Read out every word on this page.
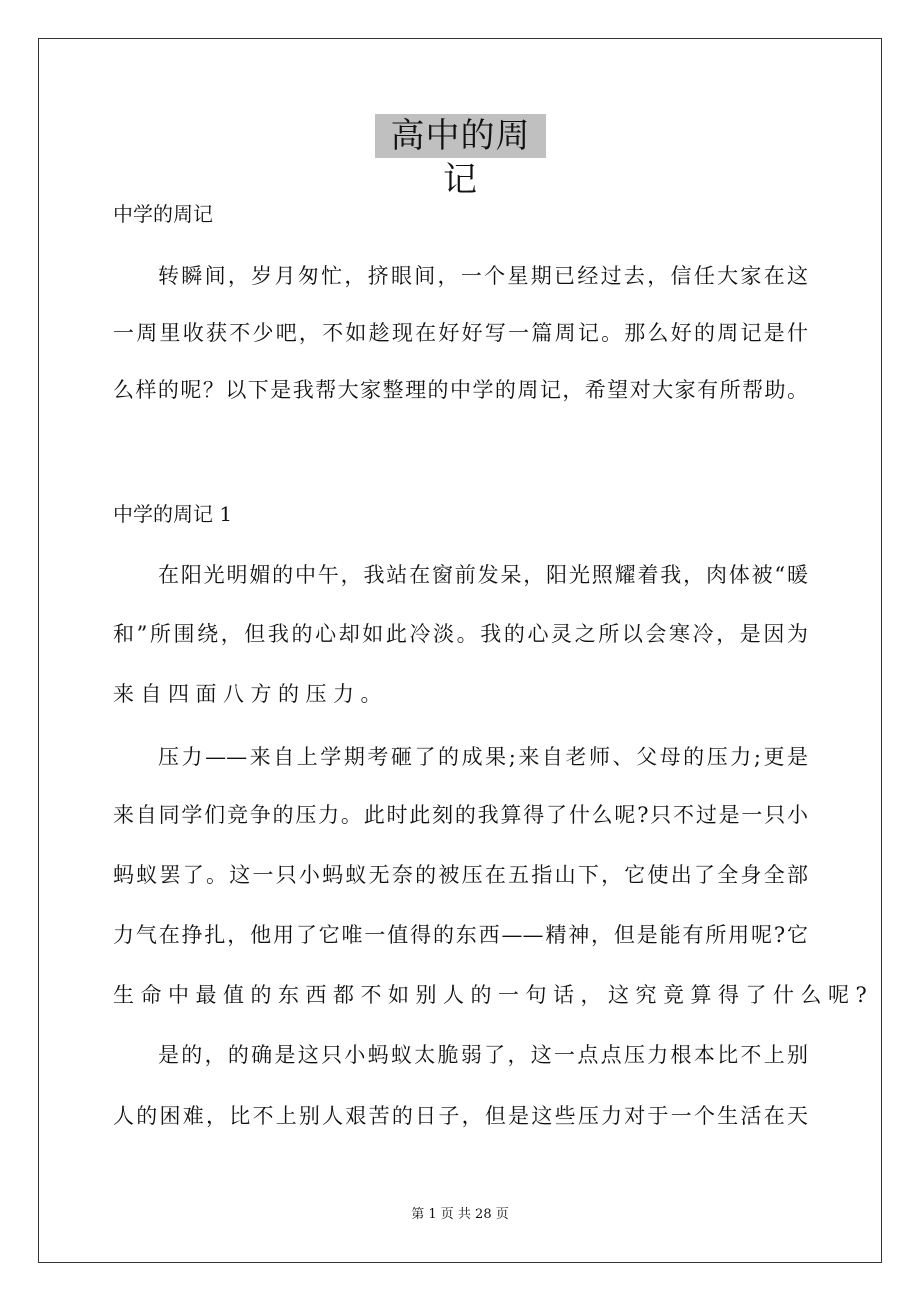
高中的周记
中学的周记
转瞬间，岁月匆忙，挤眼间，一个星期已经过去，信任大家在这
一周里收获不少吧，不如趁现在好好写一篇周记。那么好的周记是什
么样的呢？以下是我帮大家整理的中学的周记，希望对大家有所帮助。
中学的周记 1
在阳光明媚的中午，我站在窗前发呆，阳光照耀着我，肉体被“暖
和”所围绕，但我的心却如此冷淡。我的心灵之所以会寒冷，是因为
来自四面八方的压力。
压力——来自上学期考砸了的成果;来自老师、父母的压力;更是
来自同学们竞争的压力。此时此刻的我算得了什么呢?只不过是一只小
蚂蚁罢了。这一只小蚂蚁无奈的被压在五指山下，它使出了全身全部
力气在挣扎，他用了它唯一值得的东西——精神，但是能有所用呢?它
生命中最值的东西都不如别人的一句话，这究竟算得了什么呢?
是的，的确是这只小蚂蚁太脆弱了，这一点点压力根本比不上别
人的困难，比不上别人艰苦的日子，但是这些压力对于一个生活在天
第 1 页 共 28 页
